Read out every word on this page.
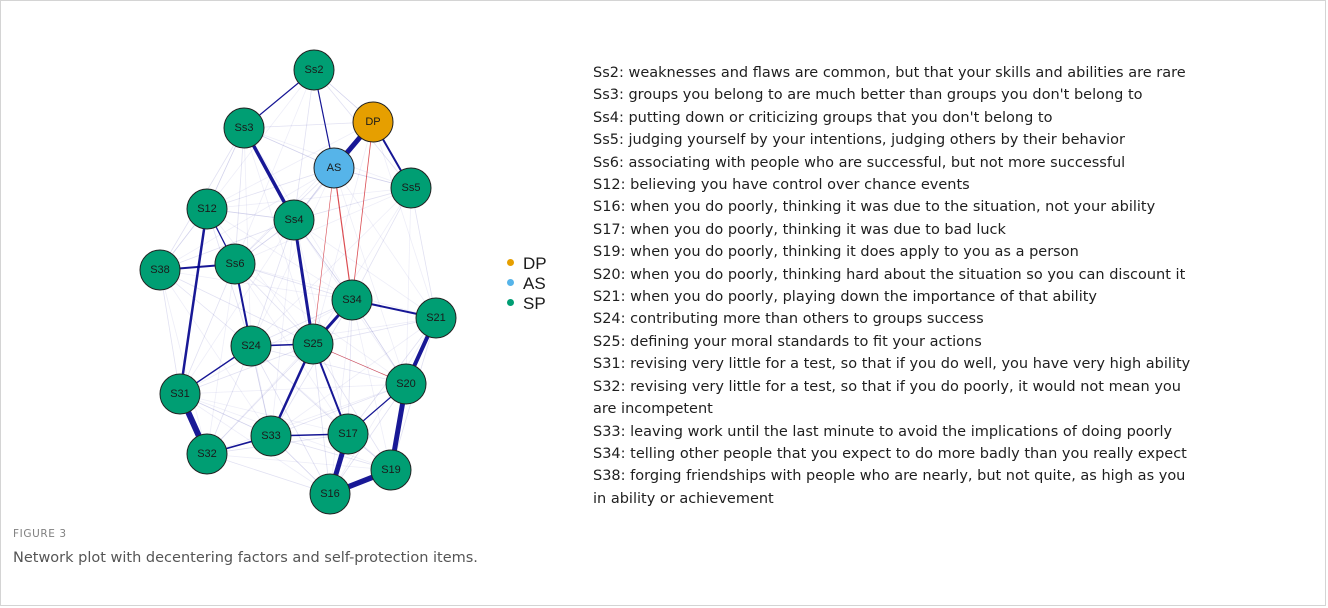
Ss2
DP
Ss3
AS
Ss5
S12
Ss4
S38	Ss6
S34
S21
S24	S25
S20
S31
S17
S33
S32
S19
S16
DP
AS
SP
Ss2: weaknesses and flaws are common, but that your skills and abilities are rare
Ss3: groups you belong to are much better than groups you don't belong to
Ss4: putting down or criticizing groups that you don't belong to
Ss5: judging yourself by your intentions, judging others by their behavior
Ss6: associating with people who are successful, but not more successful
S12: believing you have control over chance events
S16: when you do poorly, thinking it was due to the situation, not your ability
S17: when you do poorly, thinking it was due to bad luck
S19: when you do poorly, thinking it does apply to you as a person
S20: when you do poorly, thinking hard about the situation so you can discount it
S21: when you do poorly, playing down the importance of that ability
S24: contributing more than others to groups success
S25: defining your moral standards to fit your actions
S31: revising very little for a test, so that if you do well, you have very high ability
S32: revising very little for a test, so that if you do poorly, it would not mean you
are incompetent
S33: leaving work until the last minute to avoid the implications of doing poorly
S34: telling other people that you expect to do more badly than you really expect
S38: forging friendships with people who are nearly, but not quite, as high as you
in ability or achievement
FIGURE 3
Network plot with decentering factors and self-protection items.
